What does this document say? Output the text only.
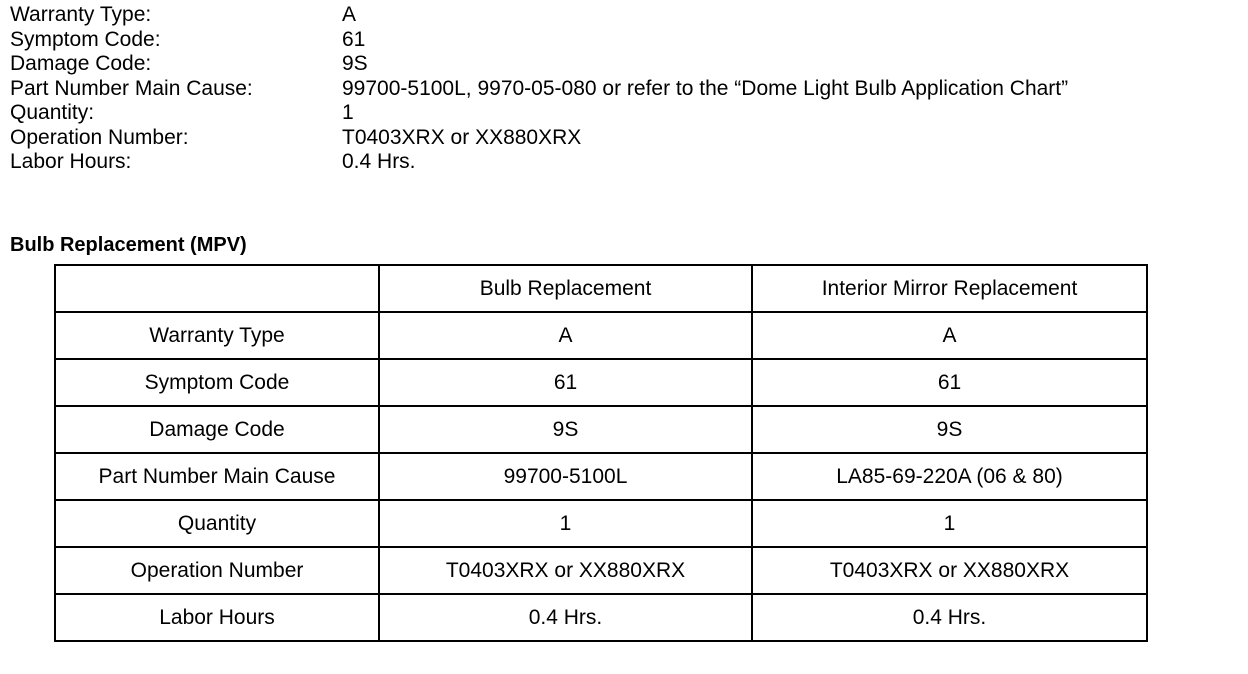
Warranty Type:	A
Symptom Code:	61
Damage Code:	9S
Part Number Main Cause:	99700-5100L, 9970-05-080 or refer to the “Dome Light Bulb Application Chart”
Quantity:	1
Operation Number:	T0403XRX or XX880XRX
Labor Hours:	0.4 Hrs.
Bulb Replacement (MPV)
	Bulb Replacement	Interior Mirror Replacement
Warranty Type	A	A
Symptom Code	61	61
Damage Code	9S	9S
Part Number Main Cause	99700-5100L	LA85-69-220A (06 & 80)
Quantity	1	1
Operation Number	T0403XRX or XX880XRX	T0403XRX or XX880XRX
Labor Hours	0.4 Hrs.	0.4 Hrs.
